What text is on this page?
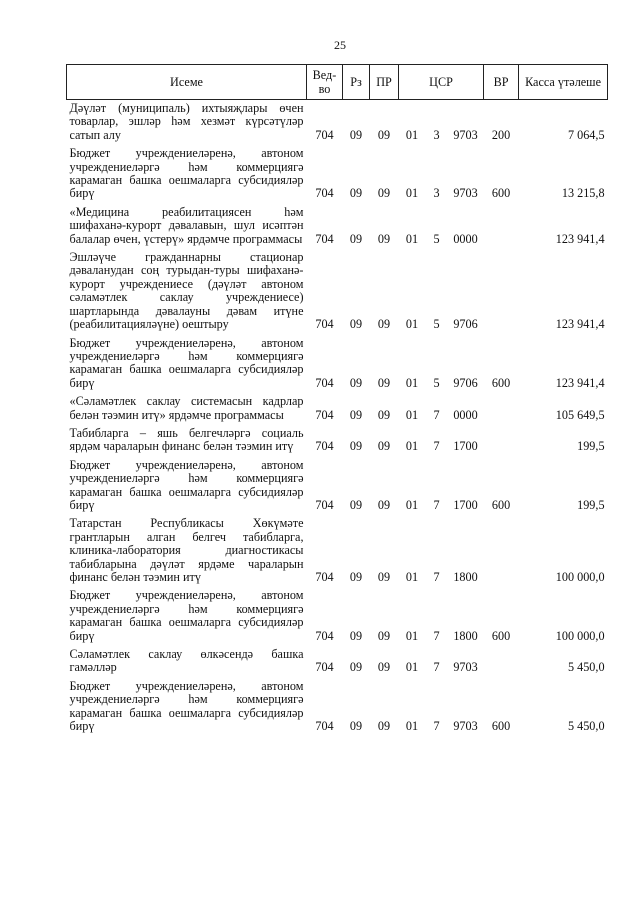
25
Исеме	Вед-во	Рз	ПР	ЦСР			ВР	Касса үтәлеше
Дәүләт (муниципаль) ихтыяҗлары өчен товарлар, эшләр һәм хезмәт күрсәтүләр сатып алу	704	09	09	01	3	9703	200	7 064,5
Бюджет учреждениеләренә, автоном учреждениеләргә һәм коммерциягә карамаган башка оешмаларга субсидияләр бирү	704	09	09	01	3	9703	600	13 215,8
«Медицина реабилитациясен һәм шифаханә-курорт дәвалавын, шул исәптән балалар өчен, үстерү» ярдәмче программасы	704	09	09	01	5	0000		123 941,4
Эшләүче гражданнарны стационар дәваланудан соң турыдан-туры шифаханә-курорт учреждениесе (дәүләт автоном сәламәтлек саклау учреждениесе) шартларында дәвалауны дәвам итүне (реабилитацияләүне) оештыру	704	09	09	01	5	9706		123 941,4
Бюджет учреждениеләренә, автоном учреждениеләргә һәм коммерциягә карамаган башка оешмаларга субсидияләр бирү	704	09	09	01	5	9706	600	123 941,4
«Сәламәтлек саклау системасын кадрлар белән тәэмин итү» ярдәмче программасы	704	09	09	01	7	0000		105 649,5
Табибларга – яшь белгечләргә социаль ярдәм чараларын финанс белән тәэмин итү	704	09	09	01	7	1700		199,5
Бюджет учреждениеләренә, автоном учреждениеләргә һәм коммерциягә карамаган башка оешмаларга субсидияләр бирү	704	09	09	01	7	1700	600	199,5
Татарстан Республикасы Хөкүмәте грантларын алган белгеч табибларга, клиника-лаборатория диагностикасы табибларына дәүләт ярдәме чараларын финанс белән тәэмин итү	704	09	09	01	7	1800		100 000,0
Бюджет учреждениеләренә, автоном учреждениеләргә һәм коммерциягә карамаган башка оешмаларга субсидияләр бирү	704	09	09	01	7	1800	600	100 000,0
Сәламәтлек саклау өлкәсендә башка гамәлләр	704	09	09	01	7	9703		5 450,0
Бюджет учреждениеләренә, автоном учреждениеләргә һәм коммерциягә карамаган башка оешмаларга субсидияләр бирү	704	09	09	01	7	9703	600	5 450,0
